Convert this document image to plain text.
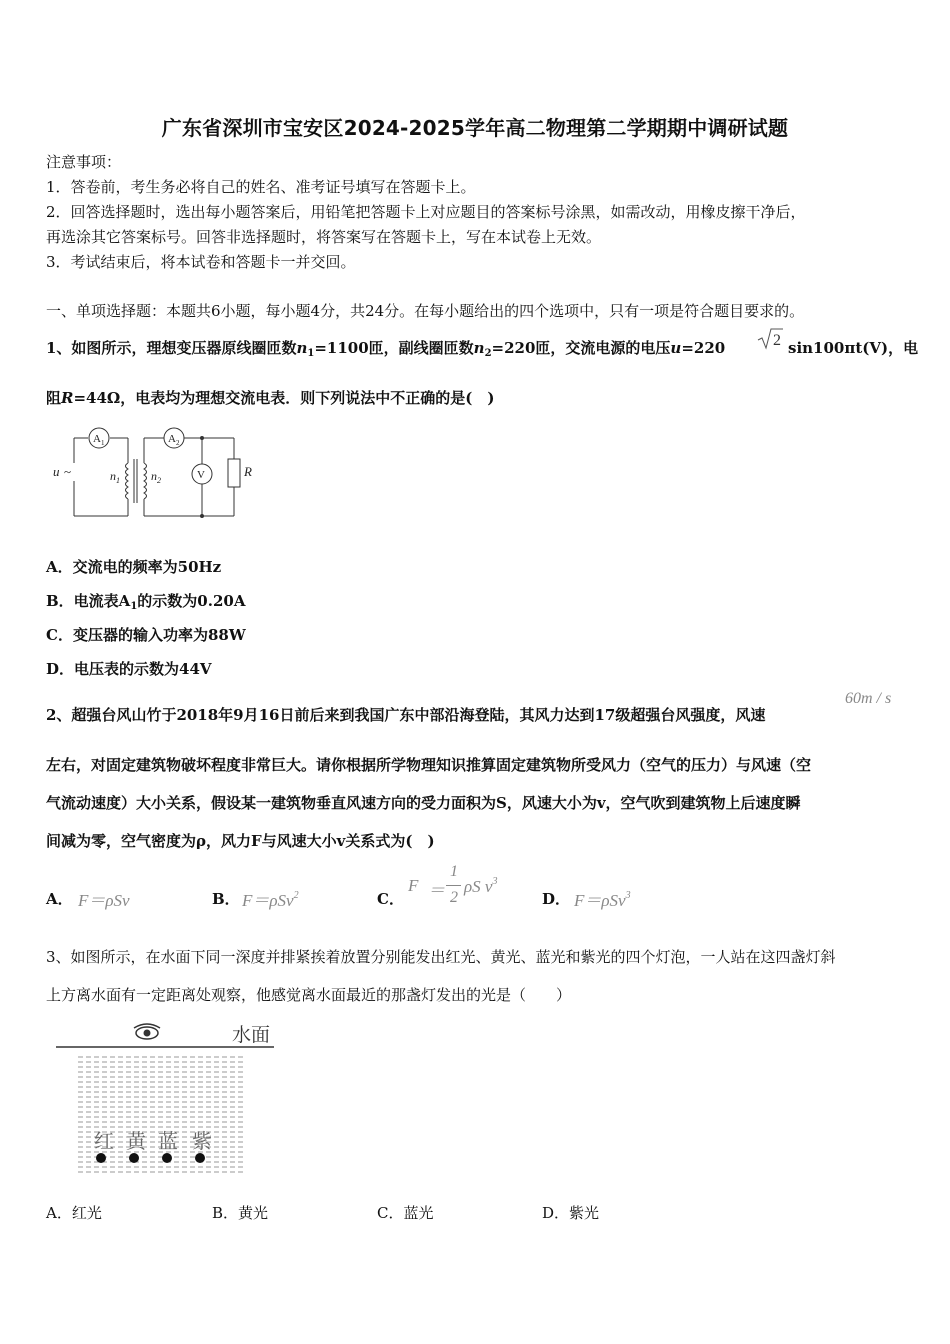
广东省深圳市宝安区2024-2025学年高二物理第二学期期中调研试题
注意事项：
1．答卷前，考生务必将自己的姓名、准考证号填写在答题卡上。
2．回答选择题时，选出每小题答案后，用铅笔把答题卡上对应题目的答案标号涂黑，如需改动，用橡皮擦干净后，
再选涂其它答案标号。回答非选择题时，将答案写在答题卡上，写在本试卷上无效。
3．考试结束后，将本试卷和答题卡一并交回。
一、单项选择题：本题共6小题，每小题4分，共24分。在每小题给出的四个选项中，只有一项是符合题目要求的。
1、如图所示，理想变压器原线圈匝数$n_1=1100$匝，副线圈匝数$n_2=220$匝，交流电源的电压u=220	2 sin100πt(V)，电
阻R=44Ω，电表均为理想交流电表．则下列说法中不正确的是(　)
$A_1$	$A_2$
V	R
u ~	$n_1$	$n_2$
A．交流电的频率为50Hz
B．电流表$A_1$的示数为0.20A
C．变压器的输入功率为88W
D．电压表的示数为44V
2、超强台风山竹于2018年9月16日前后来到我国广东中部沿海登陆，其风力达到17级超强台风强度，风速
60m / s
左右，对固定建筑物破坏程度非常巨大。请你根据所学物理知识推算固定建筑物所受风力（空气的压力）与风速（空
气流动速度）大小关系，假设某一建筑物垂直风速方向的受力面积为S，风速大小为v，空气吹到建筑物上后速度瞬
间减为零，空气密度为ρ，风力F与风速大小v关系式为(　)
A． F＝ρSv	B． F＝ρSv$^2$	C．
F ＝
1
2
ρS $v^3$
D． F＝ρSv$^3$
3、如图所示，在水面下同一深度并排紧挨着放置分别能发出红光、黄光、蓝光和紫光的四个灯泡，一人站在这四盏灯斜
上方离水面有一定距离处观察，他感觉离水面最近的那盏灯发出的光是（　　）
水面
红 黄 蓝 紫
A．红光	B．黄光	C．蓝光	D．紫光
